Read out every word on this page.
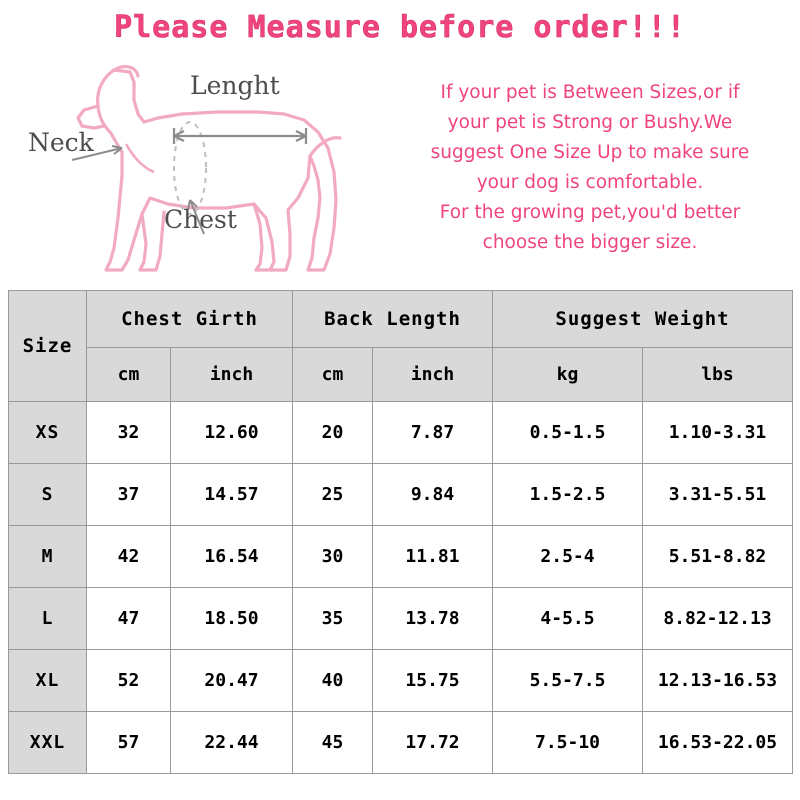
Please Measure before order!!!
Lenght
Neck
Chest

If your pet is Between Sizes,or if

your pet is Strong or Bushy.We

suggest One Size Up to make sure

your dog is comfortable.

For the growing pet,you'd better

choose the bigger size.

Size	Chest Girth		Back Length		Suggest Weight	
	cm	inch	cm	inch	kg	lbs
XS	32	12.60	20	7.87	0.5-1.5	1.10-3.31
S	37	14.57	25	9.84	1.5-2.5	3.31-5.51
M	42	16.54	30	11.81	2.5-4	5.51-8.82
L	47	18.50	35	13.78	4-5.5	8.82-12.13
XL	52	20.47	40	15.75	5.5-7.5	12.13-16.53
XXL	57	22.44	45	17.72	7.5-10	16.53-22.05
